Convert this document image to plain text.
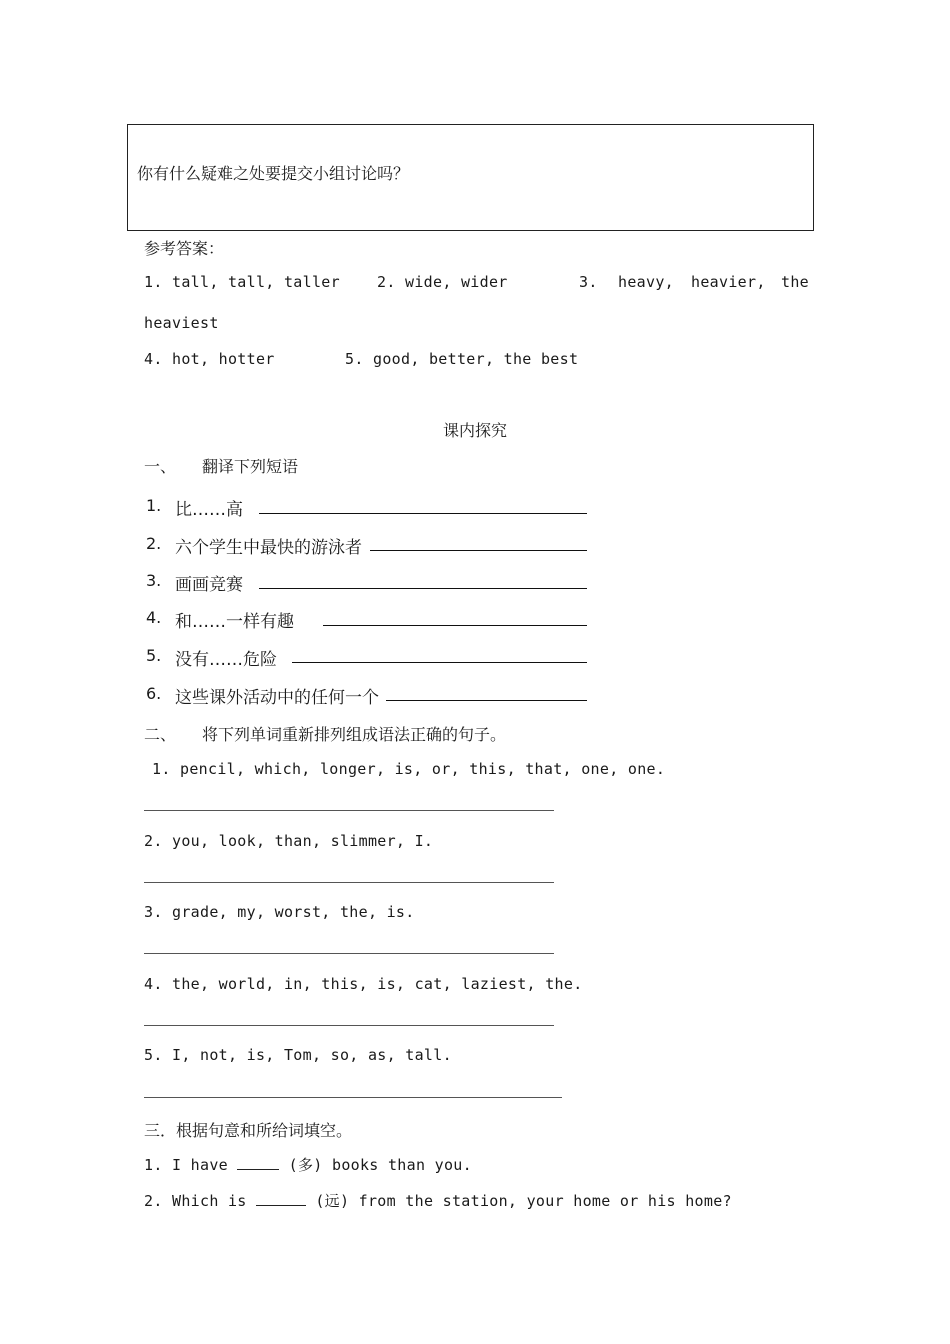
你有什么疑难之处要提交小组讨论吗？
参考答案：
1. tall, tall, taller 2. wide, wider	3. heavy, heavier, the
heaviest
4. hot, hotter	5. good, better, the best
课内探究
一、 翻译下列短语
1. 比……高
2. 六个学生中最快的游泳者
3. 画画竞赛
4. 和……一样有趣
5. 没有……危险
6. 这些课外活动中的任何一个
二、 将下列单词重新排列组成语法正确的句子。
1. pencil, which, longer, is, or, this, that, one, one.
2. you, look, than, slimmer, I.
3. grade, my, worst, the, is.
4. the, world, in, this, is, cat, laziest, the.
5. I, not, is, Tom, so, as, tall.
三．根据句意和所给词填空。
1. I have	(多) books than you.
2. Which is	(远) from the station, your home or his home?
